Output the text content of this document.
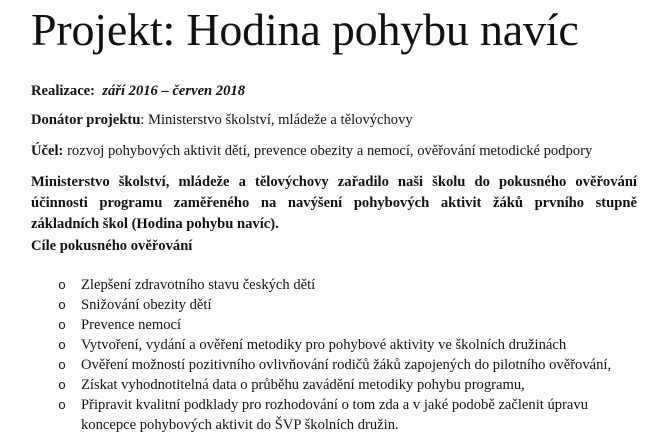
Projekt: Hodina pohybu navíc

Realizace: září 2016 – červen 2018

Donátor projektu: Ministerstvo školství, mládeže a tělovýchovy

Účel: rozvoj pohybových aktivit dětí, prevence obezity a nemocí, ověřování metodické podpory

Ministerstvo školství, mládeže a tělovýchovy zařadilo naši školu do pokusného ověřování účinnosti programu zaměřeného na navýšení pohybových aktivit žáků prvního stupně základních škol (Hodina pohybu navíc).

Cíle pokusného ověřování

o Zlepšení zdravotního stavu českých dětí
o Snižování obezity dětí
o Prevence nemocí
o Vytvoření, vydání a ověření metodiky pro pohybové aktivity ve školních družinách
o Ověření možností pozitivního ovlivňování rodičů žáků zapojených do pilotního ověřování,
o Získat vyhodnotitelná data o průběhu zavádění metodiky pohybu programu,
o Připravit kvalitní podklady pro rozhodování o tom zda a v jaké podobě začlenit úpravu koncepce pohybových aktivit do ŠVP školních družin.
